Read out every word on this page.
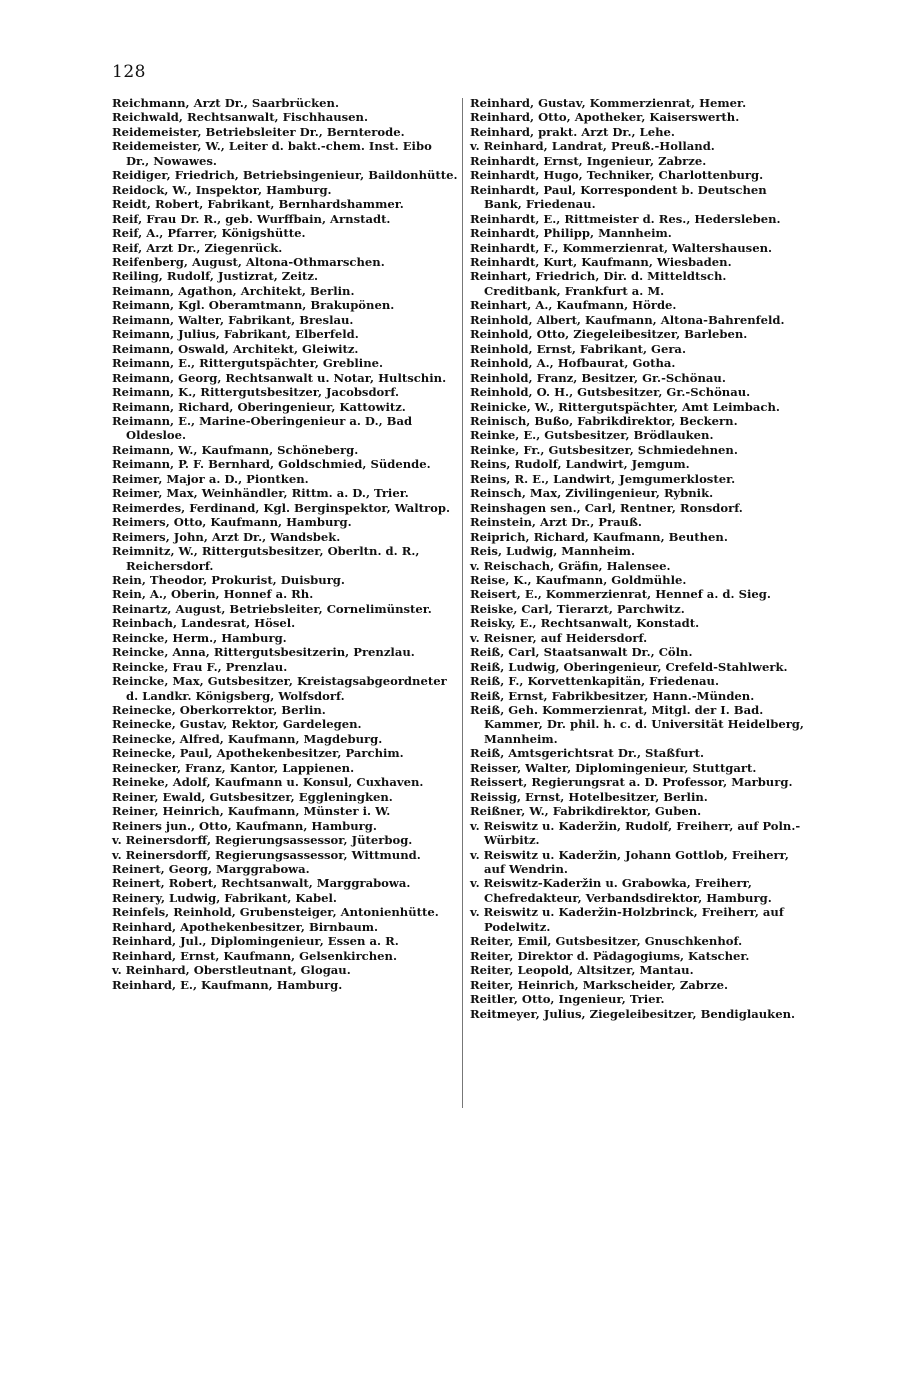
128
Reichmann, Arzt Dr., Saarbrücken.
Reichwald, Rechtsanwalt, Fischhausen.
Reidemeister, Betriebsleiter Dr., Bernterode.
Reidemeister, W., Leiter d. bakt.-chem. Inst. Eibo Dr., Nowawes.
Reidiger, Friedrich, Betriebsingenieur, Baildonhütte.
Reidock, W., Inspektor, Hamburg.
Reidt, Robert, Fabrikant, Bernhardshammer.
Reif, Frau Dr. R., geb. Wurffbain, Arnstadt.
Reif, A., Pfarrer, Königshütte.
Reif, Arzt Dr., Ziegenrück.
Reifenberg, August, Altona-Othmarschen.
Reiling, Rudolf, Justizrat, Zeitz.
Reimann, Agathon, Architekt, Berlin.
Reimann, Kgl. Oberamtmann, Brakupönen.
Reimann, Walter, Fabrikant, Breslau.
Reimann, Julius, Fabrikant, Elberfeld.
Reimann, Oswald, Architekt, Gleiwitz.
Reimann, E., Rittergutspächter, Grebline.
Reimann, Georg, Rechtsanwalt u. Notar, Hultschin.
Reimann, K., Rittergutsbesitzer, Jacobsdorf.
Reimann, Richard, Oberingenieur, Kattowitz.
Reimann, E., Marine-Oberingenieur a. D., Bad Oldesloe.
Reimann, W., Kaufmann, Schöneberg.
Reimann, P. F. Bernhard, Goldschmied, Südende.
Reimer, Major a. D., Piontken.
Reimer, Max, Weinhändler, Rittm. a. D., Trier.
Reimerdes, Ferdinand, Kgl. Berginspektor, Waltrop.
Reimers, Otto, Kaufmann, Hamburg.
Reimers, John, Arzt Dr., Wandsbek.
Reimnitz, W., Rittergutsbesitzer, Oberltn. d. R., Reichersdorf.
Rein, Theodor, Prokurist, Duisburg.
Rein, A., Oberin, Honnef a. Rh.
Reinartz, August, Betriebsleiter, Cornelimünster.
Reinbach, Landesrat, Hösel.
Reincke, Herm., Hamburg.
Reincke, Anna, Rittergutsbesitzerin, Prenzlau.
Reincke, Frau F., Prenzlau.
Reincke, Max, Gutsbesitzer, Kreistagsabgeordneter d. Landkr. Königsberg, Wolfsdorf.
Reinecke, Oberkorrektor, Berlin.
Reinecke, Gustav, Rektor, Gardelegen.
Reinecke, Alfred, Kaufmann, Magdeburg.
Reinecke, Paul, Apothekenbesitzer, Parchim.
Reinecker, Franz, Kantor, Lappienen.
Reineke, Adolf, Kaufmann u. Konsul, Cuxhaven.
Reiner, Ewald, Gutsbesitzer, Eggleningken.
Reiner, Heinrich, Kaufmann, Münster i. W.
Reiners jun., Otto, Kaufmann, Hamburg.
v. Reinersdorff, Regierungsassessor, Jüterbog.
v. Reinersdorff, Regierungsassessor, Wittmund.
Reinert, Georg, Marggrabowa.
Reinert, Robert, Rechtsanwalt, Marggrabowa.
Reinery, Ludwig, Fabrikant, Kabel.
Reinfels, Reinhold, Grubensteiger, Antonienhütte.
Reinhard, Apothekenbesitzer, Birnbaum.
Reinhard, Jul., Diplomingenieur, Essen a. R.
Reinhard, Ernst, Kaufmann, Gelsenkirchen.
v. Reinhard, Oberstleutnant, Glogau.
Reinhard, E., Kaufmann, Hamburg.
Reinhard, Gustav, Kommerzienrat, Hemer.
Reinhard, Otto, Apotheker, Kaiserswerth.
Reinhard, prakt. Arzt Dr., Lehe.
v. Reinhard, Landrat, Preuß.-Holland.
Reinhardt, Ernst, Ingenieur, Zabrze.
Reinhardt, Hugo, Techniker, Charlottenburg.
Reinhardt, Paul, Korrespondent b. Deutschen Bank, Friedenau.
Reinhardt, E., Rittmeister d. Res., Hedersleben.
Reinhardt, Philipp, Mannheim.
Reinhardt, F., Kommerzienrat, Waltershausen.
Reinhardt, Kurt, Kaufmann, Wiesbaden.
Reinhart, Friedrich, Dir. d. Mitteldtsch. Creditbank, Frankfurt a. M.
Reinhart, A., Kaufmann, Hörde.
Reinhold, Albert, Kaufmann, Altona-Bahrenfeld.
Reinhold, Otto, Ziegeleibesitzer, Barleben.
Reinhold, Ernst, Fabrikant, Gera.
Reinhold, A., Hofbaurat, Gotha.
Reinhold, Franz, Besitzer, Gr.-Schönau.
Reinhold, O. H., Gutsbesitzer, Gr.-Schönau.
Reinicke, W., Rittergutspächter, Amt Leimbach.
Reinisch, Bußo, Fabrikdirektor, Beckern.
Reinke, E., Gutsbesitzer, Brödlauken.
Reinke, Fr., Gutsbesitzer, Schmiedehnen.
Reins, Rudolf, Landwirt, Jemgum.
Reins, R. E., Landwirt, Jemgumerkloster.
Reinsch, Max, Zivilingenieur, Rybnik.
Reinshagen sen., Carl, Rentner, Ronsdorf.
Reinstein, Arzt Dr., Prauß.
Reiprich, Richard, Kaufmann, Beuthen.
Reis, Ludwig, Mannheim.
v. Reischach, Gräfin, Halensee.
Reise, K., Kaufmann, Goldmühle.
Reisert, E., Kommerzienrat, Hennef a. d. Sieg.
Reiske, Carl, Tierarzt, Parchwitz.
Reisky, E., Rechtsanwalt, Konstadt.
v. Reisner, auf Heidersdorf.
Reiß, Carl, Staatsanwalt Dr., Cöln.
Reiß, Ludwig, Oberingenieur, Crefeld-Stahlwerk.
Reiß, F., Korvettenkapitän, Friedenau.
Reiß, Ernst, Fabrikbesitzer, Hann.-Münden.
Reiß, Geh. Kommerzienrat, Mitgl. der I. Bad. Kammer, Dr. phil. h. c. d. Universität Heidelberg, Mannheim.
Reiß, Amtsgerichtsrat Dr., Staßfurt.
Reisser, Walter, Diplomingenieur, Stuttgart.
Reissert, Regierungsrat a. D. Professor, Marburg.
Reissig, Ernst, Hotelbesitzer, Berlin.
Reißner, W., Fabrikdirektor, Guben.
v. Reiswitz u. Kaderžin, Rudolf, Freiherr, auf Poln.-Würbitz.
v. Reiswitz u. Kaderžin, Johann Gottlob, Freiherr, auf Wendrin.
v. Reiswitz-Kaderžin u. Grabowka, Freiherr, Chefredakteur, Verbandsdirektor, Hamburg.
v. Reiswitz u. Kaderžin-Holzbrinck, Freiherr, auf Podelwitz.
Reiter, Emil, Gutsbesitzer, Gnuschkenhof.
Reiter, Direktor d. Pädagogiums, Katscher.
Reiter, Leopold, Altsitzer, Mantau.
Reiter, Heinrich, Markscheider, Zabrze.
Reitler, Otto, Ingenieur, Trier.
Reitmeyer, Julius, Ziegeleibesitzer, Bendiglauken.
